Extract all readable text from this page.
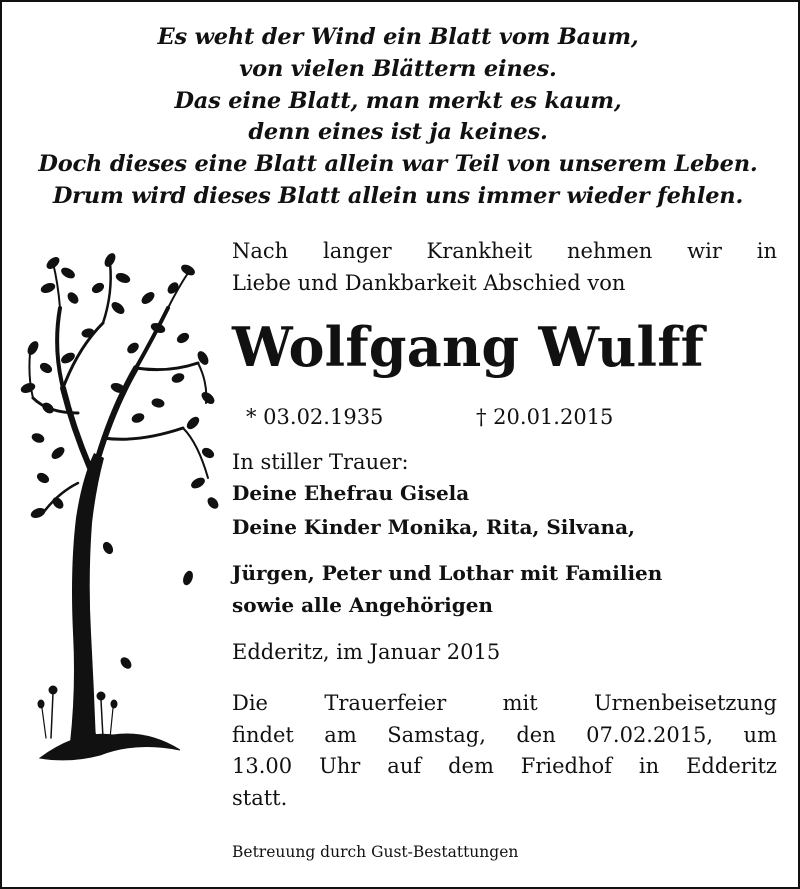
Es weht der Wind ein Blatt vom Baum,
von vielen Blättern eines.
Das eine Blatt, man merkt es kaum,
denn eines ist ja keines.
Doch dieses eine Blatt allein war Teil von unserem Leben.
Drum wird dieses Blatt allein uns immer wieder fehlen.
Nach langer Krankheit nehmen wir in
Liebe und Dankbarkeit Abschied von
Wolfgang Wulff
* 03.02.1935	† 20.01.2015
In stiller Trauer:
Deine Ehefrau Gisela
Deine Kinder Monika, Rita, Silvana,
Jürgen, Peter und Lothar mit Familien
sowie alle Angehörigen
Edderitz, im Januar 2015
Die Trauerfeier mit Urnenbeisetzung
findet am Samstag, den 07.02.2015, um
13.00 Uhr auf dem Friedhof in Edderitz
statt.
Betreuung durch Gust-Bestattungen
